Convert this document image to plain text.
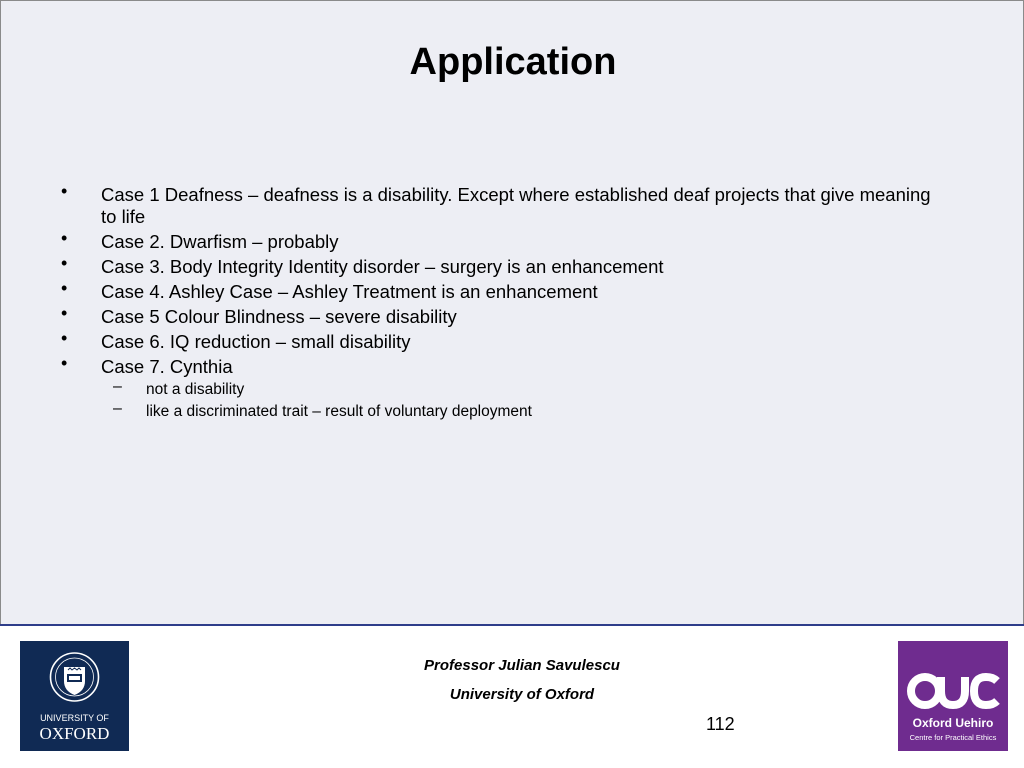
Application
• Case 1 Deafness – deafness is a disability. Except where established deaf projects that give meaning to life
• Case 2. Dwarfism – probably
• Case 3. Body Integrity Identity disorder – surgery is an enhancement
• Case 4. Ashley Case – Ashley Treatment is an enhancement
• Case 5 Colour Blindness – severe disability
• Case 6. IQ reduction – small disability
• Case 7. Cynthia
– not a disability
– like a discriminated trait – result of voluntary deployment
UNIVERSITY OF
OXFORD
Professor Julian Savulescu
University of Oxford
112	Oxford Uehiro
Centre for Practical Ethics
